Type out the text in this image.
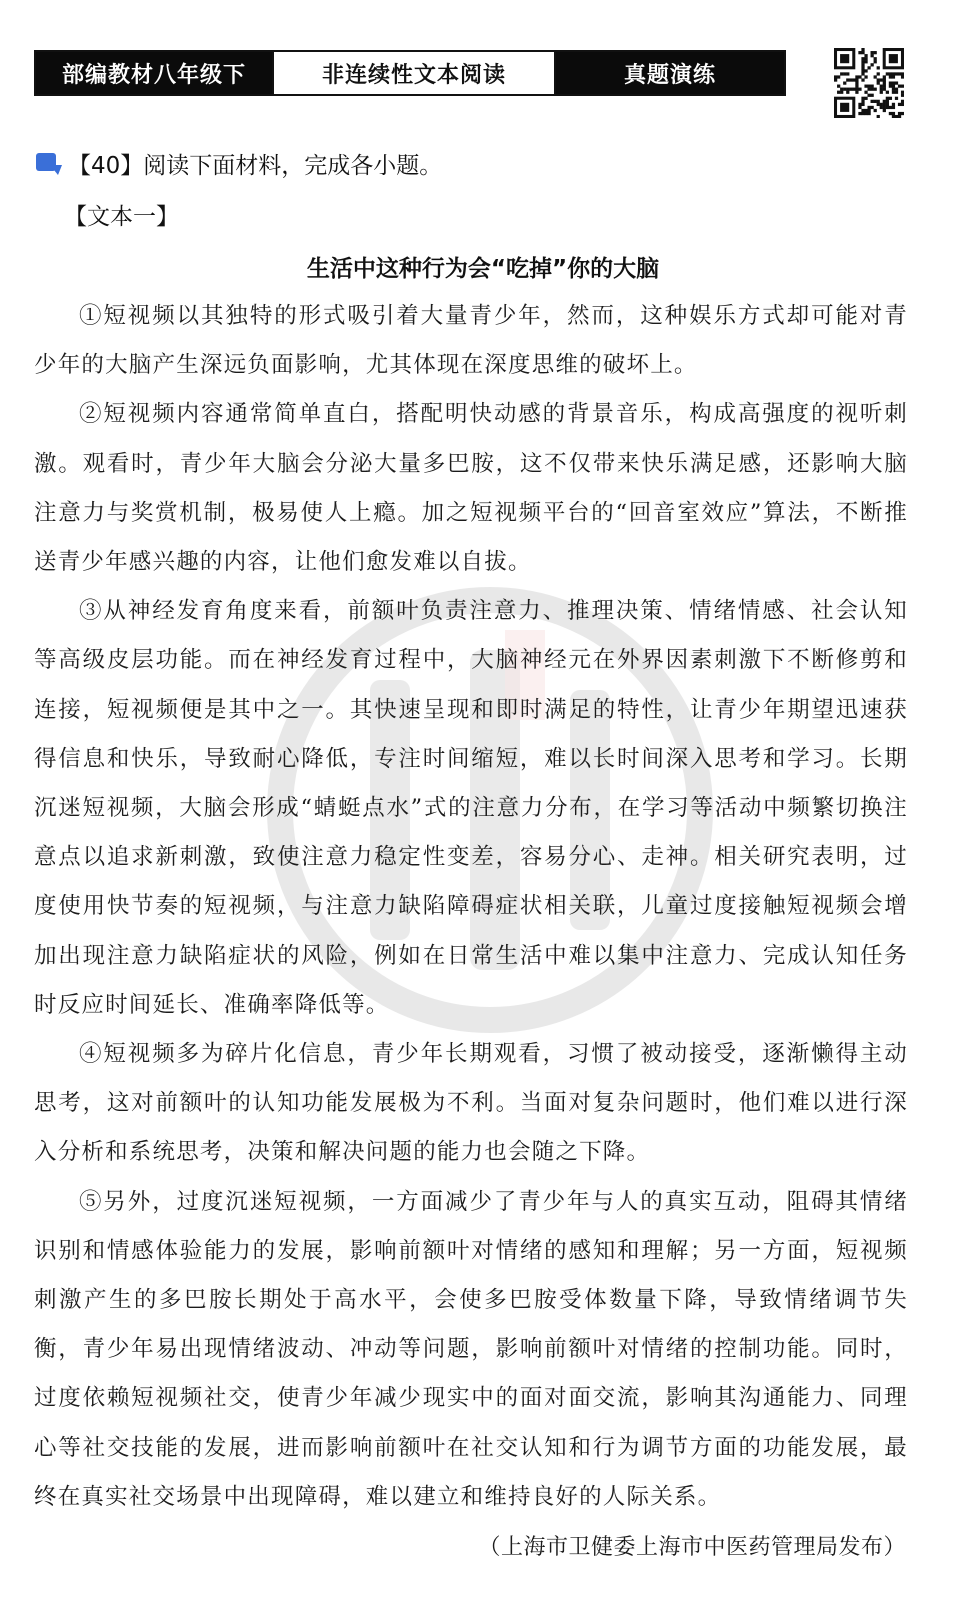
部编教材八年级下	非连续性文本阅读	真题演练
【40】阅读下面材料，完成各小题。
【文本一】
生活中这种行为会“吃掉”你的大脑

①短视频以其独特的形式吸引着大量青少年，然而，这种娱乐方式却可能对青少年的大脑产生深远负面影响，尤其体现在深度思维的破坏上。

②短视频内容通常简单直白，搭配明快动感的背景音乐，构成高强度的视听刺激。观看时，青少年大脑会分泌大量多巴胺，这不仅带来快乐满足感，还影响大脑注意力与奖赏机制，极易使人上瘾。加之短视频平台的“回音室效应”算法，不断推送青少年感兴趣的内容，让他们愈发难以自拔。

③从神经发育角度来看，前额叶负责注意力、推理决策、情绪情感、社会认知等高级皮层功能。而在神经发育过程中，大脑神经元在外界因素刺激下不断修剪和连接，短视频便是其中之一。其快速呈现和即时满足的特性，让青少年期望迅速获得信息和快乐，导致耐心降低，专注时间缩短，难以长时间深入思考和学习。长期沉迷短视频，大脑会形成“蜻蜓点水”式的注意力分布，在学习等活动中频繁切换注意点以追求新刺激，致使注意力稳定性变差，容易分心、走神。相关研究表明，过度使用快节奏的短视频，与注意力缺陷障碍症状相关联，儿童过度接触短视频会增加出现注意力缺陷症状的风险，例如在日常生活中难以集中注意力、完成认知任务时反应时间延长、准确率降低等。

④短视频多为碎片化信息，青少年长期观看，习惯了被动接受，逐渐懒得主动思考，这对前额叶的认知功能发展极为不利。当面对复杂问题时，他们难以进行深入分析和系统思考，决策和解决问题的能力也会随之下降。

⑤另外，过度沉迷短视频，一方面减少了青少年与人的真实互动，阻碍其情绪识别和情感体验能力的发展，影响前额叶对情绪的感知和理解；另一方面，短视频刺激产生的多巴胺长期处于高水平，会使多巴胺受体数量下降，导致情绪调节失衡，青少年易出现情绪波动、冲动等问题，影响前额叶对情绪的控制功能。同时，过度依赖短视频社交，使青少年减少现实中的面对面交流，影响其沟通能力、同理心等社交技能的发展，进而影响前额叶在社交认知和行为调节方面的功能发展，最终在真实社交场景中出现障碍，难以建立和维持良好的人际关系。

（上海市卫健委上海市中医药管理局发布）
